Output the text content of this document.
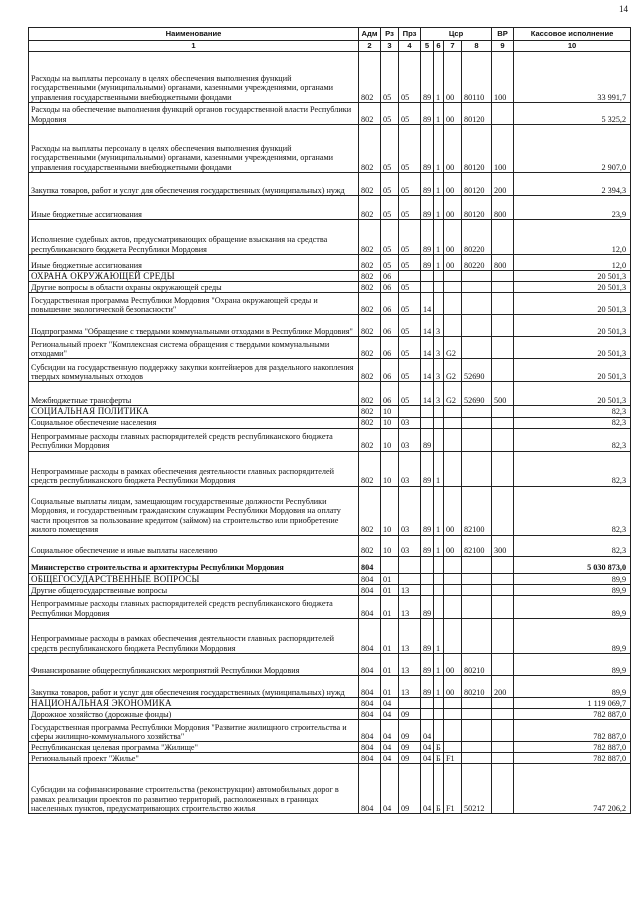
14
Наименование	Адм	Рз	Прз	Цср				ВР	Кассовое исполнение
1	2	3	4	5	6	7	8	9	10
Расходы на выплаты персоналу в целях обеспечения выполнения функций государственными (муниципальными) органами, казенными учреждениями, органами управления государственными внебюджетными фондами	802	05	05	89	1	00	80110	100	33 991,7
Расходы на обеспечение выполнения функций органов государственной власти Республики Мордовия	802	05	05	89	1	00	80120		5 325,2
Расходы на выплаты персоналу в целях обеспечения выполнения функций государственными (муниципальными) органами, казенными учреждениями, органами управления государственными внебюджетными фондами	802	05	05	89	1	00	80120	100	2 907,0
Закупка товаров, работ и услуг для обеспечения государственных (муниципальных) нужд	802	05	05	89	1	00	80120	200	2 394,3
Иные бюджетные ассигнования	802	05	05	89	1	00	80120	800	23,9
Исполнение судебных актов, предусматривающих обращение взыскания на средства республиканского бюджета Республики Мордовия	802	05	05	89	1	00	80220		12,0
Иные бюджетные ассигнования	802	05	05	89	1	00	80220	800	12,0
ОХРАНА ОКРУЖАЮЩЕЙ СРЕДЫ	802	06							20 501,3
Другие вопросы в области охраны окружающей среды	802	06	05						20 501,3
Государственная программа Республики Мордовия "Охрана окружающей среды и повышение экологической безопасности"	802	06	05	14					20 501,3
Подпрограмма "Обращение с твердыми коммунальными отходами в Республике Мордовия"	802	06	05	14	3				20 501,3
Региональный проект "Комплексная система обращения с твердыми коммунальными отходами"	802	06	05	14	3	G2			20 501,3
Субсидии на государственную поддержку закупки контейнеров для раздельного накопления твердых коммунальных отходов	802	06	05	14	3	G2	52690		20 501,3
Межбюджетные трансферты	802	06	05	14	3	G2	52690	500	20 501,3
СОЦИАЛЬНАЯ ПОЛИТИКА	802	10							82,3
Социальное обеспечение населения	802	10	03						82,3
Непрограммные расходы главных распорядителей средств республиканского бюджета Республики Мордовия	802	10	03	89					82,3
Непрограммные расходы в рамках обеспечения деятельности главных распорядителей средств республиканского бюджета Республики Мордовия	802	10	03	89	1				82,3
Социальные выплаты лицам, замещающим государственные должности Республики Мордовия, и государственным гражданским служащим Республики Мордовия на оплату части процентов за пользование кредитом (займом) на строительство или приобретение жилого помещения	802	10	03	89	1	00	82100		82,3
Социальное обеспечение и иные выплаты населению	802	10	03	89	1	00	82100	300	82,3
Министерство строительства и архитектуры Республики Мордовия	804								5 030 873,0
ОБЩЕГОСУДАРСТВЕННЫЕ ВОПРОСЫ	804	01							89,9
Другие общегосударственные вопросы	804	01	13						89,9
Непрограммные расходы главных распорядителей средств республиканского бюджета Республики Мордовия	804	01	13	89					89,9
Непрограммные расходы в рамках обеспечения деятельности главных распорядителей средств республиканского бюджета Республики Мордовия	804	01	13	89	1				89,9
Финансирование общереспубликанских мероприятий Республики Мордовия	804	01	13	89	1	00	80210		89,9
Закупка товаров, работ и услуг для обеспечения государственных (муниципальных) нужд	804	01	13	89	1	00	80210	200	89,9
НАЦИОНАЛЬНАЯ ЭКОНОМИКА	804	04							1 119 069,7
Дорожное хозяйство (дорожные фонды)	804	04	09						782 887,0
Государственная программа Республики Мордовия "Развитие жилищного строительства и сферы жилищно-коммунального хозяйства"	804	04	09	04					782 887,0
Республиканская целевая программа "Жилище"	804	04	09	04	Б				782 887,0
Региональный проект "Жилье"	804	04	09	04	Б	F1			782 887,0
Субсидии на софинансирование строительства (реконструкции) автомобильных дорог в рамках реализации проектов по развитию территорий, расположенных в границах населенных пунктов, предусматривающих строительство жилья	804	04	09	04	Б	F1	50212		747 206,2
